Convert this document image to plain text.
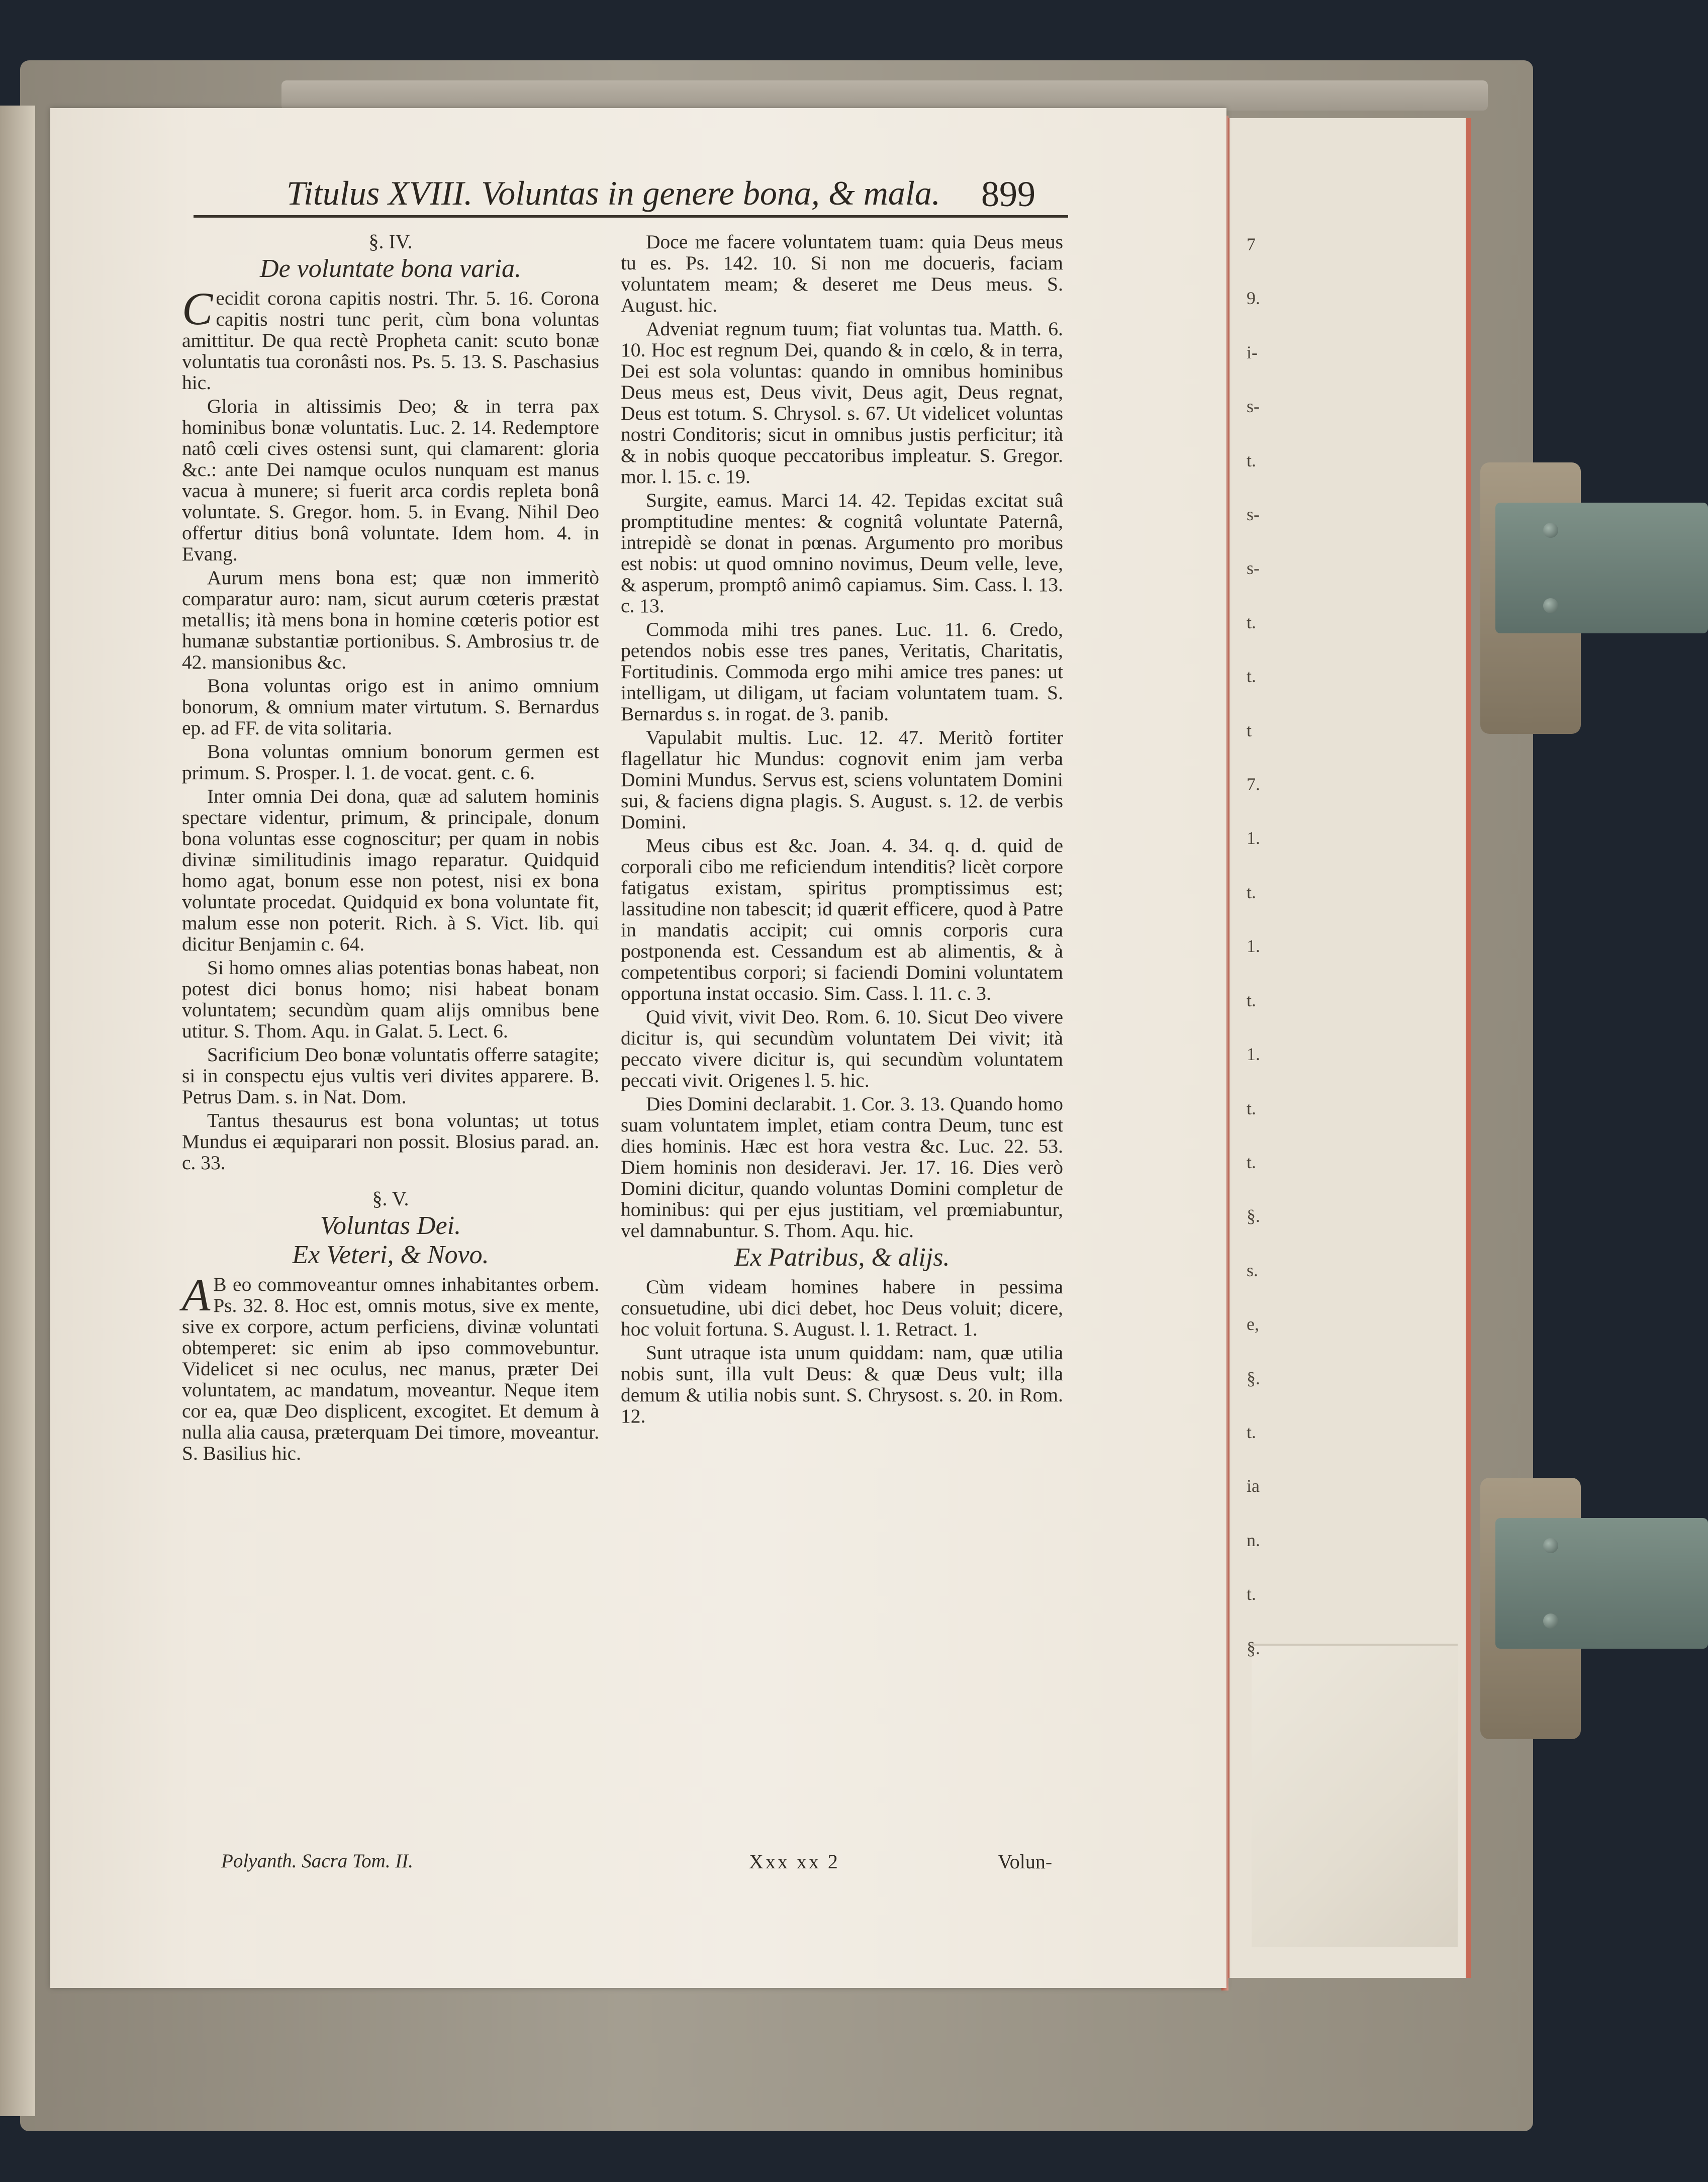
7
9.
i-
s-
t.
s-
s-
t.
t.
t
7.
1.
t.
1.
t.
1.
t.
t.
§.
s.
e,
§.
t.
ia
n.
t.
§.
Titulus XVIII. Voluntas in genere bona, & mala.	899
§. IV.
De voluntate bona varia.

Cecidit corona capitis nostri. Thr. 5. 16. Corona capitis nostri tunc perit, cùm bona voluntas amittitur. De qua rectè Propheta canit: scuto bonæ voluntatis tua coronâsti nos. Ps. 5. 13. S. Paschasius hic.

Gloria in altissimis Deo; & in terra pax hominibus bonæ voluntatis. Luc. 2. 14. Redemptore natô cœli cives ostensi sunt, qui clamarent: gloria &c.: ante Dei namque oculos nunquam est manus vacua à munere; si fuerit arca cordis repleta bonâ voluntate. S. Gregor. hom. 5. in Evang. Nihil Deo offertur ditius bonâ voluntate. Idem hom. 4. in Evang.

Aurum mens bona est; quæ non immeritò comparatur auro: nam, sicut aurum cœteris præstat metallis; ità mens bona in homine cœteris potior est humanæ substantiæ portionibus. S. Ambrosius tr. de 42. mansionibus &c.

Bona voluntas origo est in animo omnium bonorum, & omnium mater virtutum. S. Bernardus ep. ad FF. de vita solitaria.

Bona voluntas omnium bonorum germen est primum. S. Prosper. l. 1. de vocat. gent. c. 6.

Inter omnia Dei dona, quæ ad salutem hominis spectare videntur, primum, & principale, donum bona voluntas esse cognoscitur; per quam in nobis divinæ similitudinis imago reparatur. Quidquid homo agat, bonum esse non potest, nisi ex bona voluntate procedat. Quidquid ex bona voluntate fit, malum esse non poterit. Rich. à S. Vict. lib. qui dicitur Benjamin c. 64.

Si homo omnes alias potentias bonas habeat, non potest dici bonus homo; nisi habeat bonam voluntatem; secundùm quam alijs omnibus bene utitur. S. Thom. Aqu. in Galat. 5. Lect. 6.

Sacrificium Deo bonæ voluntatis offerre satagite; si in conspectu ejus vultis veri divites apparere. B. Petrus Dam. s. in Nat. Dom.

Tantus thesaurus est bona voluntas; ut totus Mundus ei æquiparari non possit. Blosius parad. an. c. 33.

§. V.
Voluntas Dei.
Ex Veteri, & Novo.

A B eo commoveantur omnes inhabitantes orbem. Ps. 32. 8. Hoc est, omnis motus, sive ex mente, sive ex corpore, actum perficiens, divinæ voluntati obtemperet: sic enim ab ipso commovebuntur. Videlicet si nec oculus, nec manus, præter Dei voluntatem, ac mandatum, moveantur. Neque item cor ea, quæ Deo displicent, excogitet. Et demum à nulla alia causa, præterquam Dei timore, moveantur. S. Basilius hic.

Doce me facere voluntatem tuam: quia Deus meus tu es. Ps. 142. 10. Si non me docueris, faciam voluntatem meam; & deseret me Deus meus. S. August. hic.

Adveniat regnum tuum; fiat voluntas tua. Matth. 6. 10. Hoc est regnum Dei, quando & in cœlo, & in terra, Dei est sola voluntas: quando in omnibus hominibus Deus meus est, Deus vivit, Deus agit, Deus regnat, Deus est totum. S. Chrysol. s. 67. Ut videlicet voluntas nostri Conditoris; sicut in omnibus justis perficitur; ità & in nobis quoque peccatoribus impleatur. S. Gregor. mor. l. 15. c. 19.

Surgite, eamus. Marci 14. 42. Tepidas excitat suâ promptitudine mentes: & cognitâ voluntate Paternâ, intrepidè se donat in pœnas. Argumento pro moribus est nobis: ut quod omnino novimus, Deum velle, leve, & asperum, promptô animô capiamus. Sim. Cass. l. 13. c. 13.

Commoda mihi tres panes. Luc. 11. 6. Credo, petendos nobis esse tres panes, Veritatis, Charitatis, Fortitudinis. Commoda ergo mihi amice tres panes: ut intelligam, ut diligam, ut faciam voluntatem tuam. S. Bernardus s. in rogat. de 3. panib.

Vapulabit multis. Luc. 12. 47. Meritò fortiter flagellatur hic Mundus: cognovit enim jam verba Domini Mundus. Servus est, sciens voluntatem Domini sui, & faciens digna plagis. S. August. s. 12. de verbis Domini.

Meus cibus est &c. Joan. 4. 34. q. d. quid de corporali cibo me reficiendum intenditis? licèt corpore fatigatus existam, spiritus promptissimus est; lassitudine non tabescit; id quærit efficere, quod à Patre in mandatis accipit; cui omnis corporis cura postponenda est. Cessandum est ab alimentis, & à competentibus corpori; si faciendi Domini voluntatem opportuna instat occasio. Sim. Cass. l. 11. c. 3.

Quid vivit, vivit Deo. Rom. 6. 10. Sicut Deo vivere dicitur is, qui secundùm voluntatem Dei vivit; ità peccato vivere dicitur is, qui secundùm voluntatem peccati vivit. Origenes l. 5. hic.

Dies Domini declarabit. 1. Cor. 3. 13. Quando homo suam voluntatem implet, etiam contra Deum, tunc est dies hominis. Hæc est hora vestra &c. Luc. 22. 53. Diem hominis non desideravi. Jer. 17. 16. Dies verò Domini dicitur, quando voluntas Domini completur de hominibus: qui per ejus justitiam, vel prœmiabuntur, vel damnabuntur. S. Thom. Aqu. hic.

Ex Patribus, & alijs.

Cùm videam homines habere in pessima consuetudine, ubi dici debet, hoc Deus voluit; dicere, hoc voluit fortuna. S. August. l. 1. Retract. 1.

Sunt utraque ista unum quiddam: nam, quæ utilia nobis sunt, illa vult Deus: & quæ Deus vult; illa demum & utilia nobis sunt. S. Chrysost. s. 20. in Rom. 12.

Polyanth. Sacra Tom. II.	Xxx xx 2	Volun-
